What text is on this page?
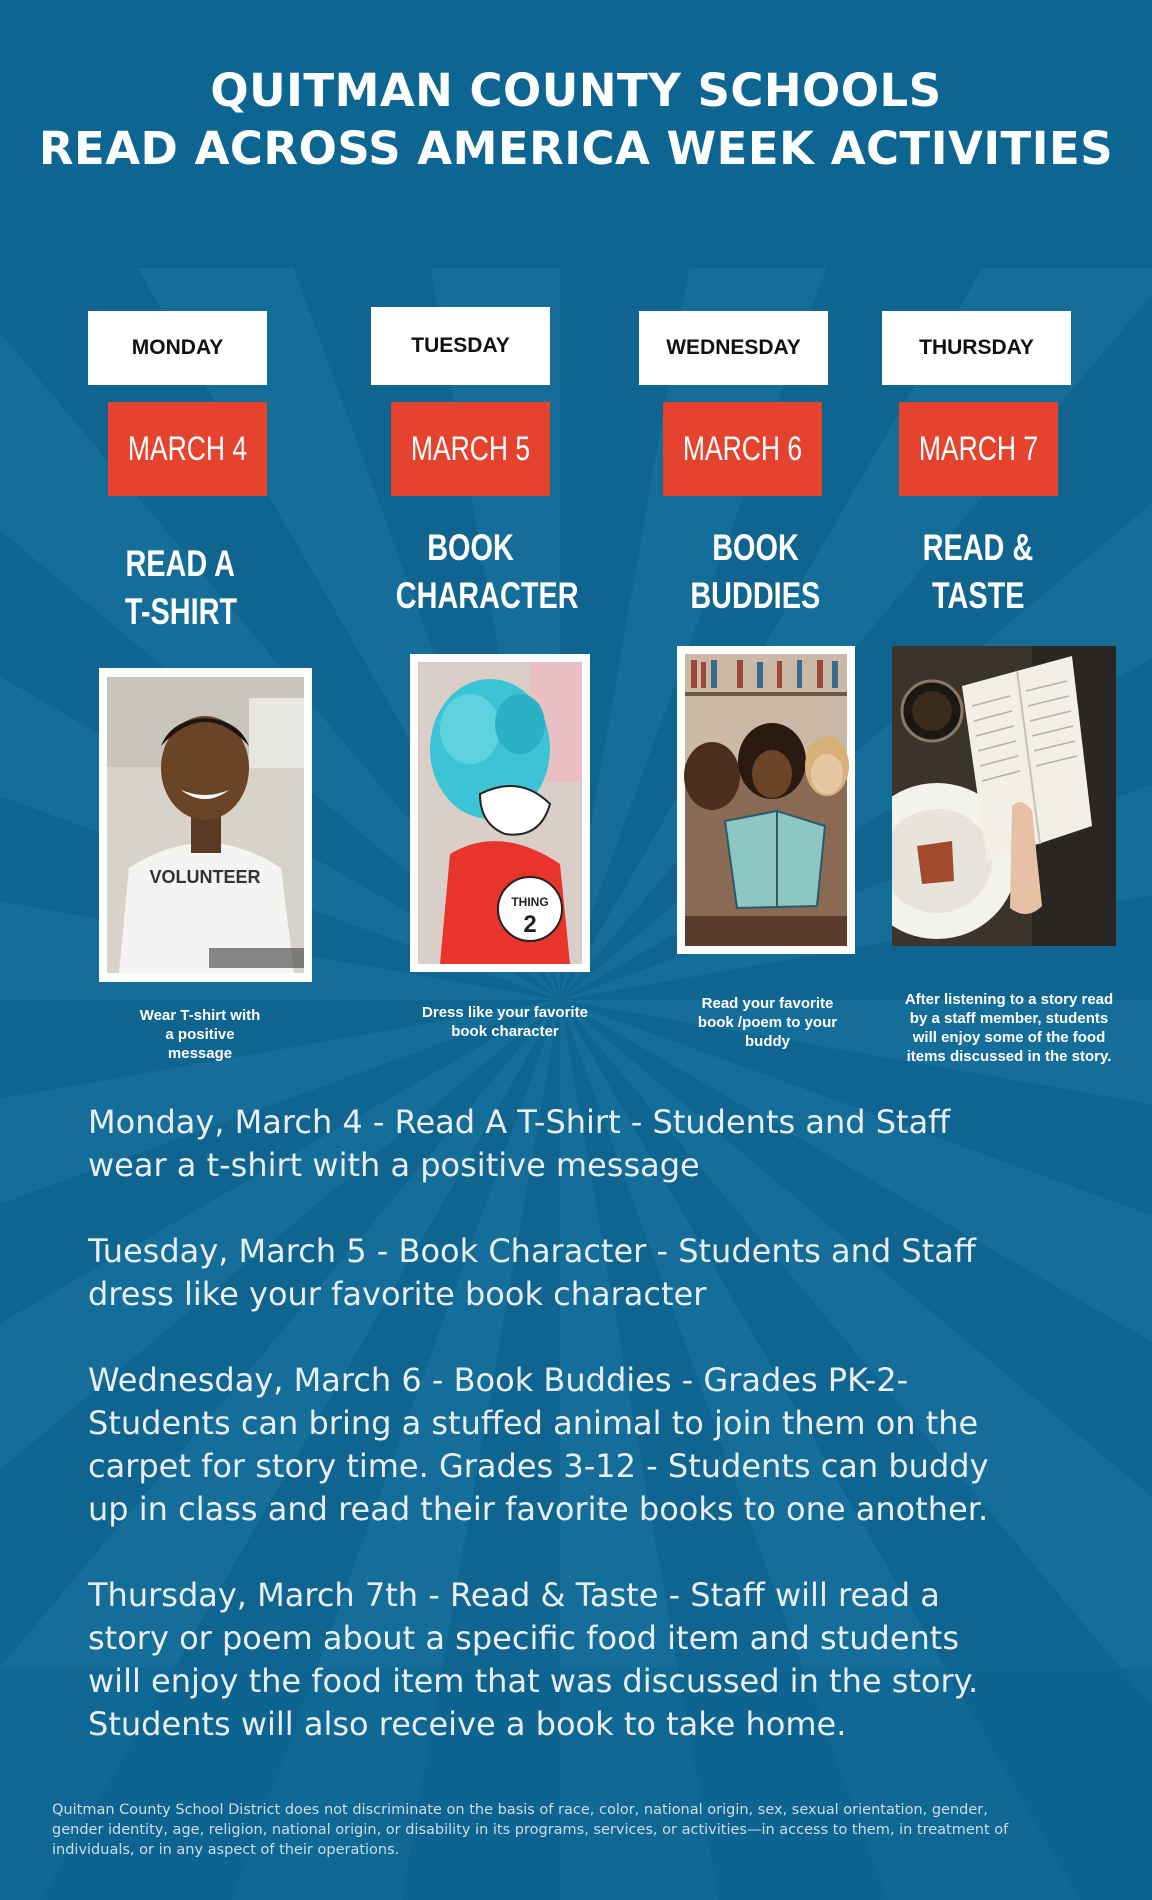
QUITMAN COUNTY SCHOOLS
READ ACROSS AMERICA WEEK ACTIVITIES
MONDAY
MARCH 4
READ A
T-SHIRT
VOLUNTEER
Wear T-shirt with
a positive
message
TUESDAY
MARCH 5
BOOK
CHARACTER
THING
2
Dress like your favorite
book character
WEDNESDAY
MARCH 6
BOOK
BUDDIES
Read your favorite
book /poem to your
buddy
THURSDAY
MARCH 7
READ &
TASTE
After listening to a story read
by a staff member, students
will enjoy some of the food
items discussed in the story.
Monday, March 4 - Read A T-Shirt - Students and Staff
wear a t-shirt with a positive message
Tuesday, March 5 - Book Character - Students and Staff
dress like your favorite book character
Wednesday, March 6 - Book Buddies - Grades PK-2-
Students can bring a stuffed animal to join them on the
carpet for story time. Grades 3-12 - Students can buddy
up in class and read their favorite books to one another.
Thursday, March 7th - Read & Taste - Staff will read a
story or poem about a specific food item and students
will enjoy the food item that was discussed in the story.
Students will also receive a book to take home.
Quitman County School District does not discriminate on the basis of race, color, national origin, sex, sexual orientation, gender,
gender identity, age, religion, national origin, or disability in its programs, services, or activities—in access to them, in treatment of
individuals, or in any aspect of their operations.
